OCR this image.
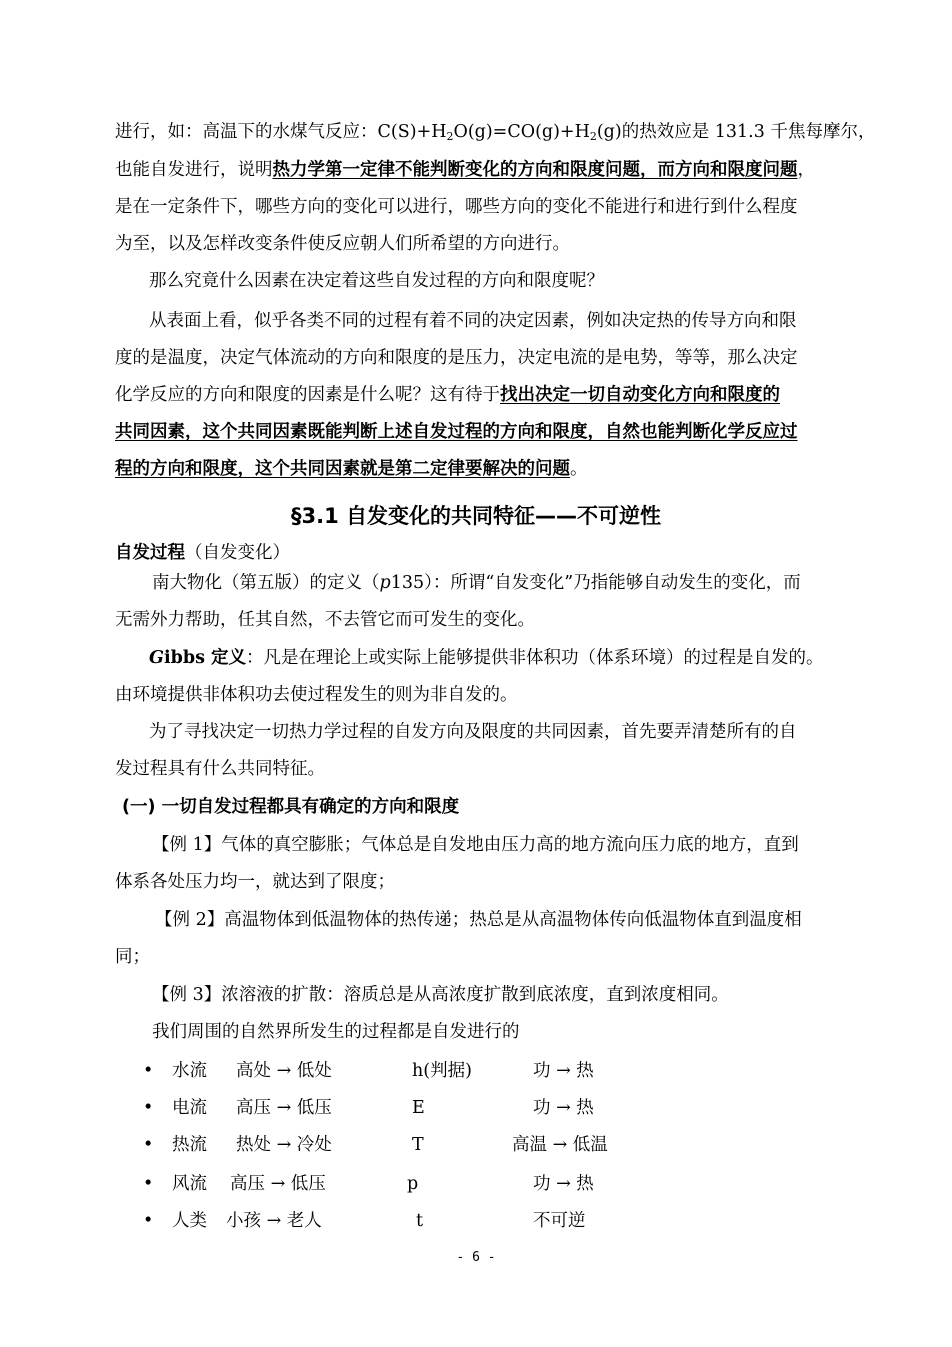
进行，如：高温下的水煤气反应：$C(S)+H_2O(g)=CO(g)+H_2(g)$的热效应是 131.3 千焦每摩尔，
也能自发进行，说明热力学第一定律不能判断变化的方向和限度问题，而方向和限度问题，
是在一定条件下，哪些方向的变化可以进行，哪些方向的变化不能进行和进行到什么程度
为至，以及怎样改变条件使反应朝人们所希望的方向进行。
那么究竟什么因素在决定着这些自发过程的方向和限度呢？
从表面上看，似乎各类不同的过程有着不同的决定因素，例如决定热的传导方向和限
度的是温度，决定气体流动的方向和限度的是压力，决定电流的是电势，等等，那么决定
化学反应的方向和限度的因素是什么呢？这有待于找出决定一切自动变化方向和限度的
共同因素，这个共同因素既能判断上述自发过程的方向和限度，自然也能判断化学反应过
程的方向和限度，这个共同因素就是第二定律要解决的问题。
§3.1 自发变化的共同特征——不可逆性
自发过程（自发变化）
南大物化（第五版）的定义（p135）：所谓“自发变化”乃指能够自动发生的变化，而
无需外力帮助，任其自然，不去管它而可发生的变化。
Gibbs 定义：凡是在理论上或实际上能够提供非体积功（体系环境）的过程是自发的。
由环境提供非体积功去使过程发生的则为非自发的。
为了寻找决定一切热力学过程的自发方向及限度的共同因素，首先要弄清楚所有的自
发过程具有什么共同特征。
(一) 一切自发过程都具有确定的方向和限度
【例 1】气体的真空膨胀；气体总是自发地由压力高的地方流向压力底的地方，直到
体系各处压力均一，就达到了限度；
【例 2】高温物体到低温物体的热传递；热总是从高温物体传向低温物体直到温度相
同；
【例 3】浓溶液的扩散：溶质总是从高浓度扩散到底浓度，直到浓度相同。
我们周围的自然界所发生的过程都是自发进行的
• 水流 高处 → 低处	h(判据)	功 → 热
• 电流 高压 → 低压	E	功 → 热
• 热流 热处 → 冷处	T	高温 → 低温
• 风流 高压 → 低压	p	功 → 热
• 人类 小孩 → 老人	t	不可逆
- 6 -
